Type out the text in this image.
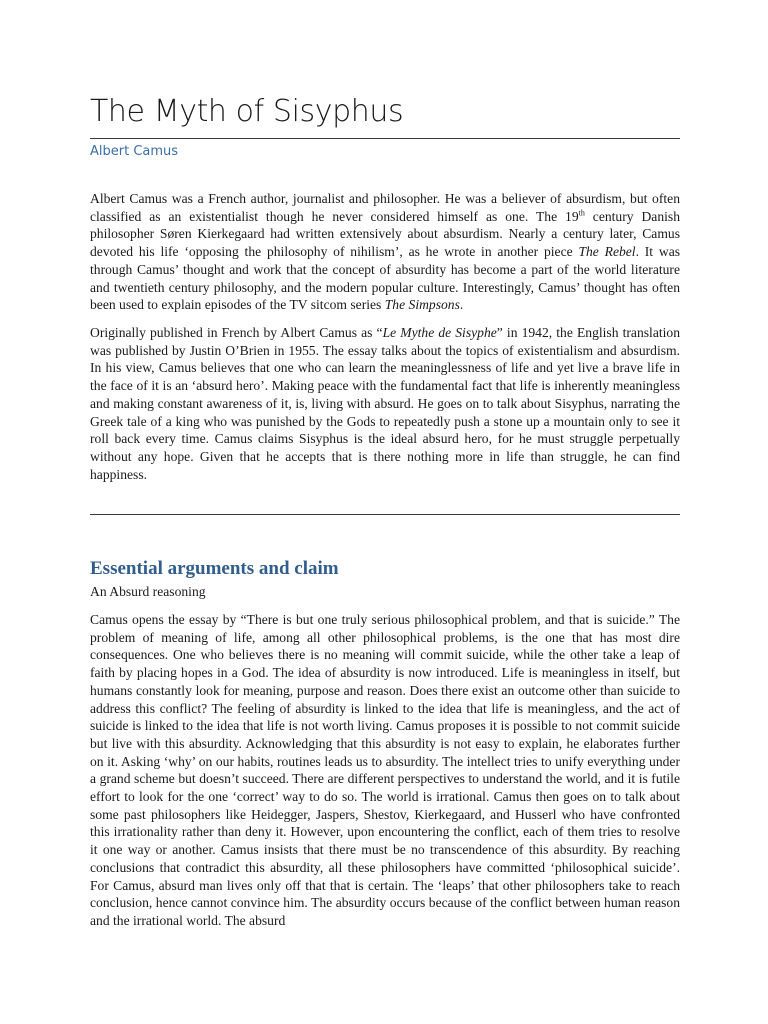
The Myth of Sisyphus

Albert Camus

Albert Camus was a French author, journalist and philosopher. He was a believer of absurdism, but often classified as an existentialist though he never considered himself as one. The 19th century Danish philosopher Søren Kierkegaard had written extensively about absurdism. Nearly a century later, Camus devoted his life ‘opposing the philosophy of nihilism’, as he wrote in another piece The Rebel. It was through Camus’ thought and work that the concept of absurdity has become a part of the world literature and twentieth century philosophy, and the modern popular culture. Interestingly, Camus’ thought has often been used to explain episodes of the TV sitcom series The Simpsons.

Originally published in French by Albert Camus as “Le Mythe de Sisyphe” in 1942, the English translation was published by Justin O’Brien in 1955. The essay talks about the topics of existentialism and absurdism. In his view, Camus believes that one who can learn the meaninglessness of life and yet live a brave life in the face of it is an ‘absurd hero’. Making peace with the fundamental fact that life is inherently meaningless and making constant awareness of it, is, living with absurd. He goes on to talk about Sisyphus, narrating the Greek tale of a king who was punished by the Gods to repeatedly push a stone up a mountain only to see it roll back every time. Camus claims Sisyphus is the ideal absurd hero, for he must struggle perpetually without any hope. Given that he accepts that is there nothing more in life than struggle, he can find happiness.

Essential arguments and claim

An Absurd reasoning

Camus opens the essay by “There is but one truly serious philosophical problem, and that is suicide.” The problem of meaning of life, among all other philosophical problems, is the one that has most dire consequences. One who believes there is no meaning will commit suicide, while the other take a leap of faith by placing hopes in a God. The idea of absurdity is now introduced. Life is meaningless in itself, but humans constantly look for meaning, purpose and reason. Does there exist an outcome other than suicide to address this conflict? The feeling of absurdity is linked to the idea that life is meaningless, and the act of suicide is linked to the idea that life is not worth living. Camus proposes it is possible to not commit suicide but live with this absurdity. Acknowledging that this absurdity is not easy to explain, he elaborates further on it. Asking ‘why’ on our habits, routines leads us to absurdity. The intellect tries to unify everything under a grand scheme but doesn’t succeed. There are different perspectives to understand the world, and it is futile effort to look for the one ‘correct’ way to do so. The world is irrational. Camus then goes on to talk about some past philosophers like Heidegger, Jaspers, Shestov, Kierkegaard, and Husserl who have confronted this irrationality rather than deny it. However, upon encountering the conflict, each of them tries to resolve it one way or another. Camus insists that there must be no transcendence of this absurdity. By reaching conclusions that contradict this absurdity, all these philosophers have committed ‘philosophical suicide’. For Camus, absurd man lives only off that that is certain. The ‘leaps’ that other philosophers take to reach conclusion, hence cannot convince him. The absurdity occurs because of the conflict between human reason and the irrational world. The absurd
